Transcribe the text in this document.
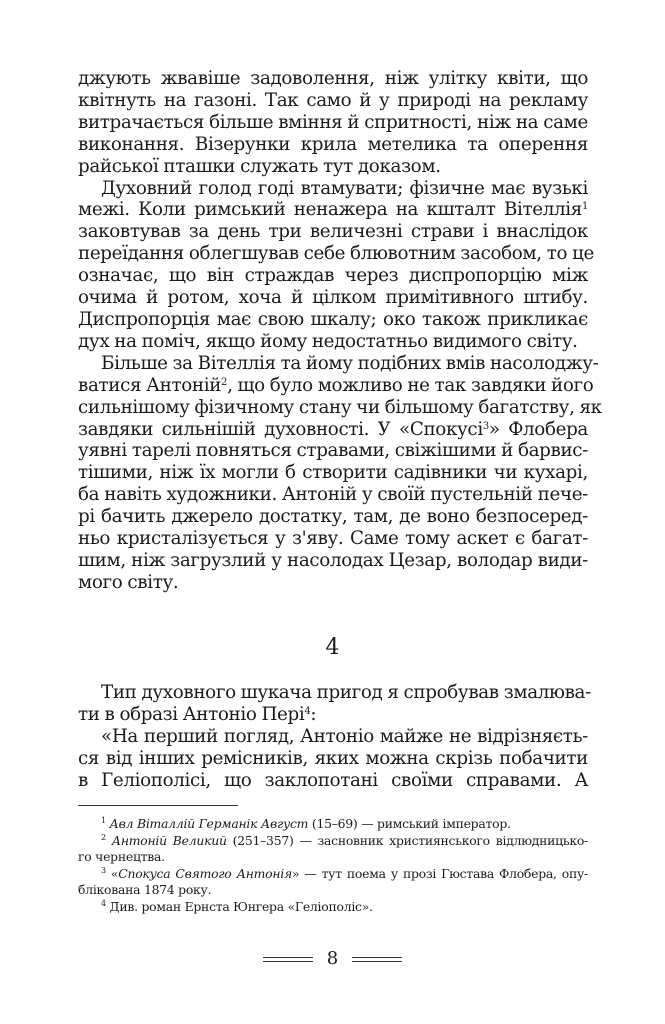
джують жвавіше задоволення, ніж улітку квіти, що
квітнуть на газоні. Так само й у природі на рекламу
витрачається більше вміння й спритності, ніж на саме
виконання. Візерунки крила метелика та оперення
райської пташки служать тут доказом.

Духовний голод годі втамувати; фізичне має вузькі
межі. Коли римський ненажера на кшталт Вітеллія$^1$
заковтував за день три величезні страви і внаслідок
переїдання облегшував себе блювотним засобом, то це
означає, що він страждав через диспропорцію між
очима й ротом, хоча й цілком примітивного штибу.
Диспропорція має свою шкалу; око також прикликає
дух на поміч, якщо йому недостатньо видимого світу.

Більше за Вітеллія та йому подібних вмів насолоджу-
ватися Антоній$^2$, що було можливо не так завдяки його
сильнішому фізичному стану чи більшому багатству, як
завдяки сильнішій духовності. У «Спокусі$^3$» Флобера
уявні тарелі повняться стравами, свіжішими й барвис-
тішими, ніж їх могли б створити садівники чи кухарі,
ба навіть художники. Антоній у своїй пустельній пече-
рі бачить джерело достатку, там, де воно безпосеред-
ньо кристалізується у з'яву. Саме тому аскет є багат-
шим, ніж загрузлий у насолодах Цезар, володар види-
мого світу.

4

Тип духовного шукача пригод я спробував змалюва-
ти в образі Антоніо Пері$^4$:

«На перший погляд, Антоніо майже не відрізняєть-
ся від інших ремісників, яких можна скрізь побачити
в Геліополісі, що заклопотані своїми справами. А

$^1$ Авл Віталлій Германік Август (15–69) — римський імператор.

$^2$ Антоній Великий (251–357) — засновник християнського відлюдницько-
го чернецтва.

$^3$ «Спокуса Святого Антонія» — тут поема у прозі Гюстава Флобера, опу-
блікована 1874 року.

$^4$ Див. роман Ернста Юнгера «Геліополіс».

8
